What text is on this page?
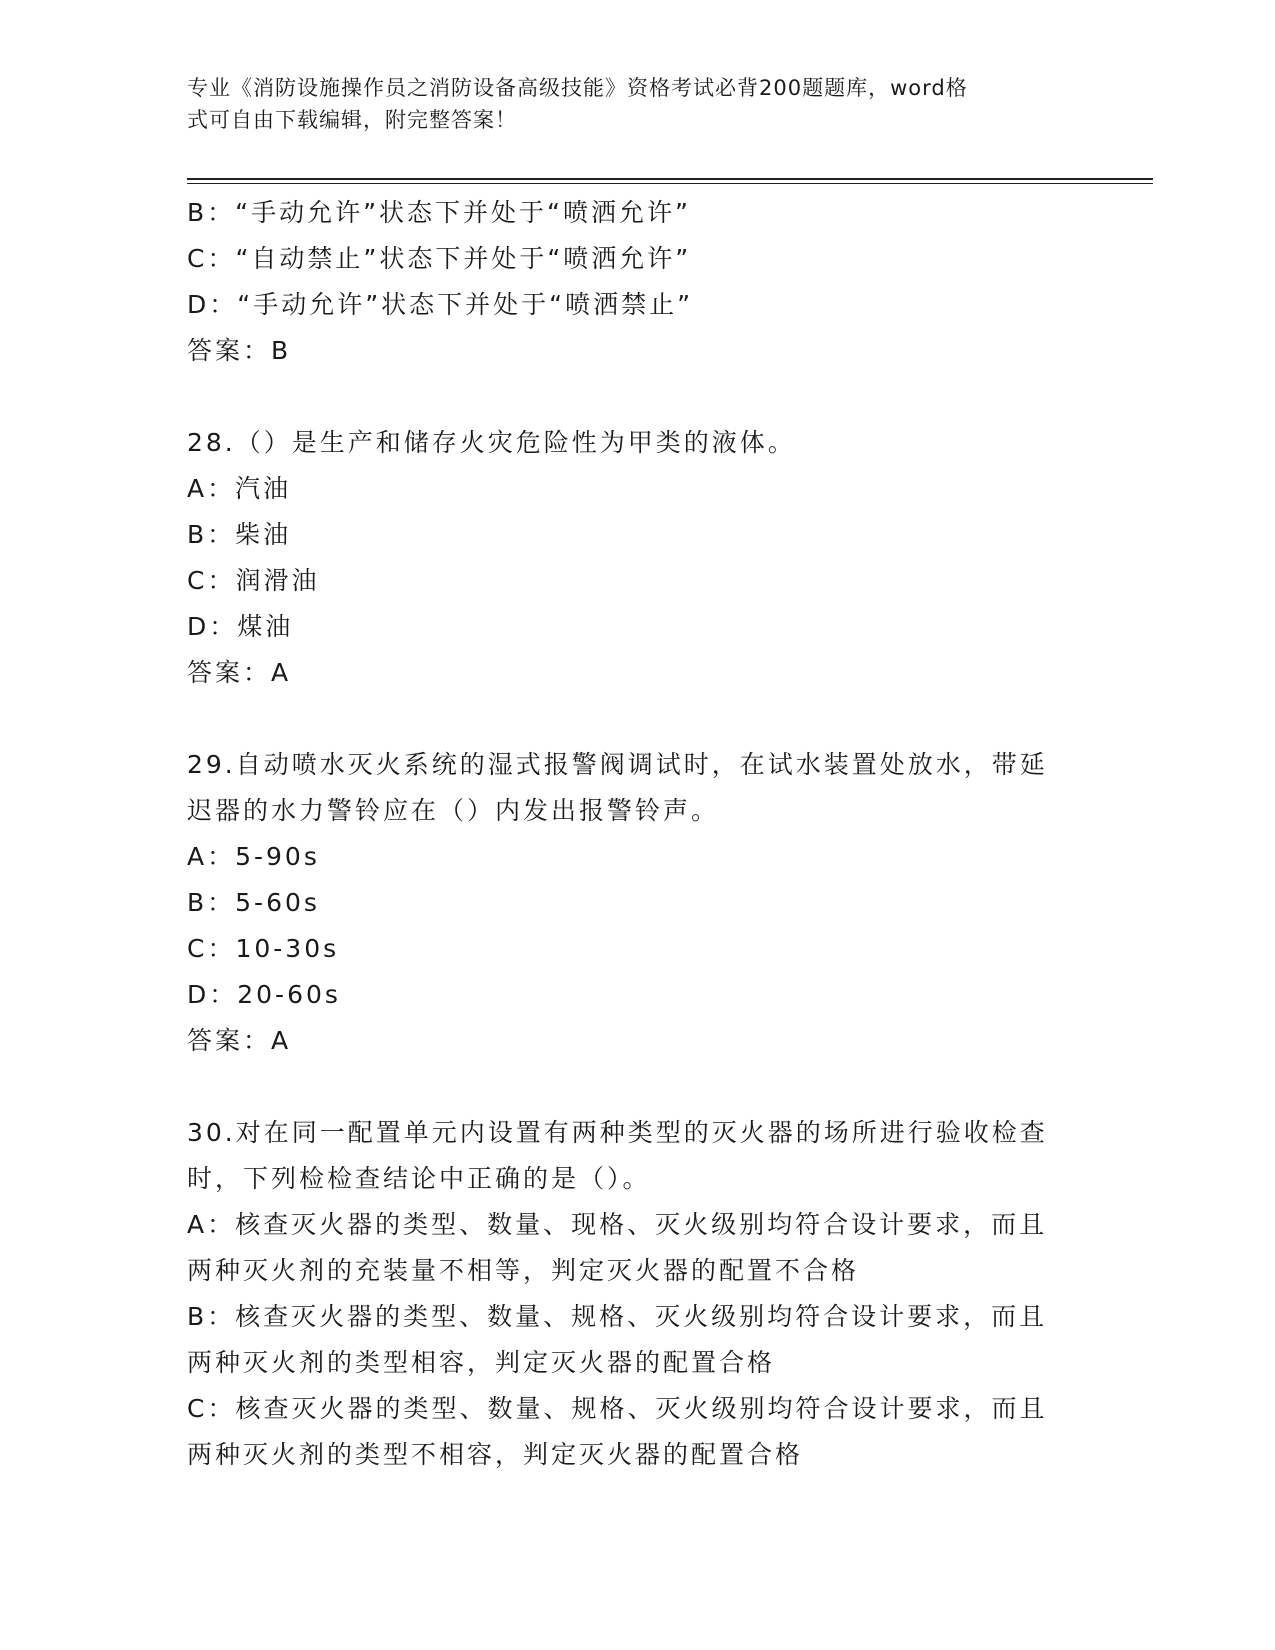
专业《消防设施操作员之消防设备高级技能》资格考试必背200题题库，word格
式可自由下载编辑，附完整答案！
B：“手动允许”状态下并处于“喷洒允许”
C：“自动禁止”状态下并处于“喷洒允许”
D：“手动允许”状态下并处于“喷洒禁止”
答案：B
28.（）是生产和储存火灾危险性为甲类的液体。
A：汽油
B：柴油
C：润滑油
D：煤油
答案：A
29.自动喷水灭火系统的湿式报警阀调试时，在试水装置处放水，带延
迟器的水力警铃应在（）内发出报警铃声。
A：5-90s
B：5-60s
C：10-30s
D：20-60s
答案：A
30.对在同一配置单元内设置有两种类型的灭火器的场所进行验收检查
时，下列检检查结论中正确的是（）。
A：核查灭火器的类型、数量、现格、灭火级别均符合设计要求，而且
两种灭火剂的充装量不相等，判定灭火器的配置不合格
B：核查灭火器的类型、数量、规格、灭火级别均符合设计要求，而且
两种灭火剂的类型相容，判定灭火器的配置合格
C：核查灭火器的类型、数量、规格、灭火级别均符合设计要求，而且
两种灭火剂的类型不相容，判定灭火器的配置合格
